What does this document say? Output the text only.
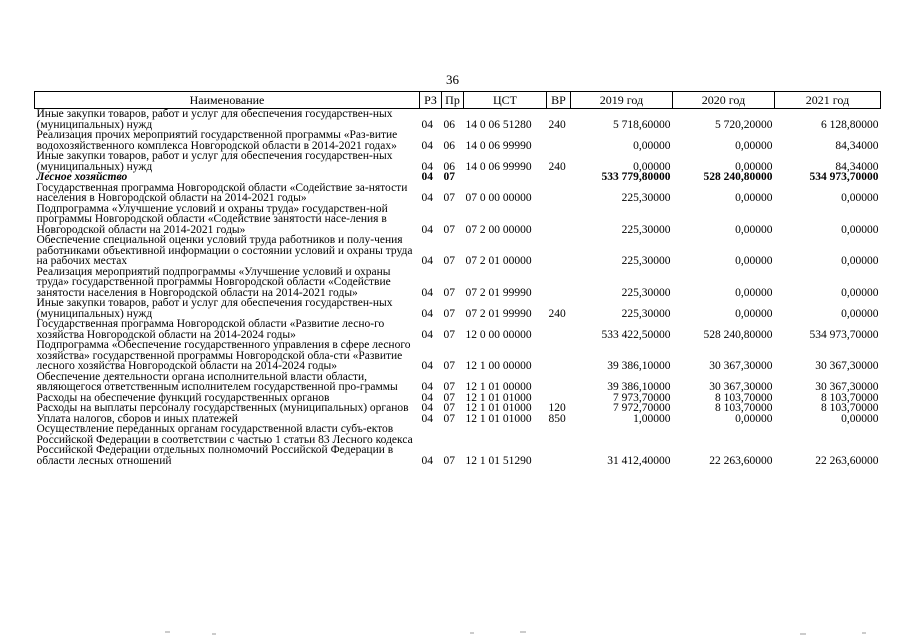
36
Наименование	РЗ	Пр	ЦСТ	ВР	2019 год	2020 год	2021 год
Иные закупки товаров, работ и услуг для обеспечения государствен-ных (муниципальных) нужд	04	06	14 0 06 51280	240	5 718,60000	5 720,20000	6 128,80000
Реализация прочих мероприятий государственной программы «Раз-витие водохозяйственного комплекса Новгородской области в 2014-2021 годах»	04	06	14 0 06 99990		0,00000	0,00000	84,34000
Иные закупки товаров, работ и услуг для обеспечения государствен-ных (муниципальных) нужд	04	06	14 0 06 99990	240	0,00000	0,00000	84,34000
Лесное хозяйство	04	07			533 779,80000	528 240,80000	534 973,70000
Государственная программа Новгородской области «Содействие за-нятости населения в Новгородской области на 2014-2021 годы»	04	07	07 0 00 00000		225,30000	0,00000	0,00000
Подпрограмма «Улучшение условий и охраны труда» государствен-ной программы Новгородской области «Содействие занятости насе-ления в Новгородской области на 2014-2021 годы»	04	07	07 2 00 00000		225,30000	0,00000	0,00000
Обеспечение специальной оценки условий труда работников и полу-чения работниками объективной информации о состоянии условий и охраны труда на рабочих местах	04	07	07 2 01 00000		225,30000	0,00000	0,00000
Реализация мероприятий подпрограммы «Улучшение условий и охраны труда» государственной программы Новгородской области «Содействие занятости населения в Новгородской области на 2014-2021 годы»	04	07	07 2 01 99990		225,30000	0,00000	0,00000
Иные закупки товаров, работ и услуг для обеспечения государствен-ных (муниципальных) нужд	04	07	07 2 01 99990	240	225,30000	0,00000	0,00000
Государственная программа Новгородской области «Развитие лесно-го хозяйства Новгородской области на 2014-2024 годы»	04	07	12 0 00 00000		533 422,50000	528 240,80000	534 973,70000
Подпрограмма «Обеспечение государственного управления в сфере лесного хозяйства» государственной программы Новгородской обла-сти «Развитие лесного хозяйства Новгородской области на 2014-2024 годы»	04	07	12 1 00 00000		39 386,10000	30 367,30000	30 367,30000
Обеспечение деятельности органа исполнительной власти области, являющегося ответственным исполнителем государственной про-граммы	04	07	12 1 01 00000		39 386,10000	30 367,30000	30 367,30000
Расходы на обеспечение функций государственных органов	04	07	12 1 01 01000		7 973,70000	8 103,70000	8 103,70000
Расходы на выплаты персоналу государственных (муниципальных) органов	04	07	12 1 01 01000	120	7 972,70000	8 103,70000	8 103,70000
Уплата налогов, сборов и иных платежей	04	07	12 1 01 01000	850	1,00000	0,00000	0,00000
Осуществление переданных органам государственной власти субъ-ектов Российской Федерации в соответствии с частью 1 статьи 83 Лесного кодекса Российской Федерации отдельных полномочий Российской Федерации в области лесных отношений	04	07	12 1 01 51290		31 412,40000	22 263,60000	22 263,60000
